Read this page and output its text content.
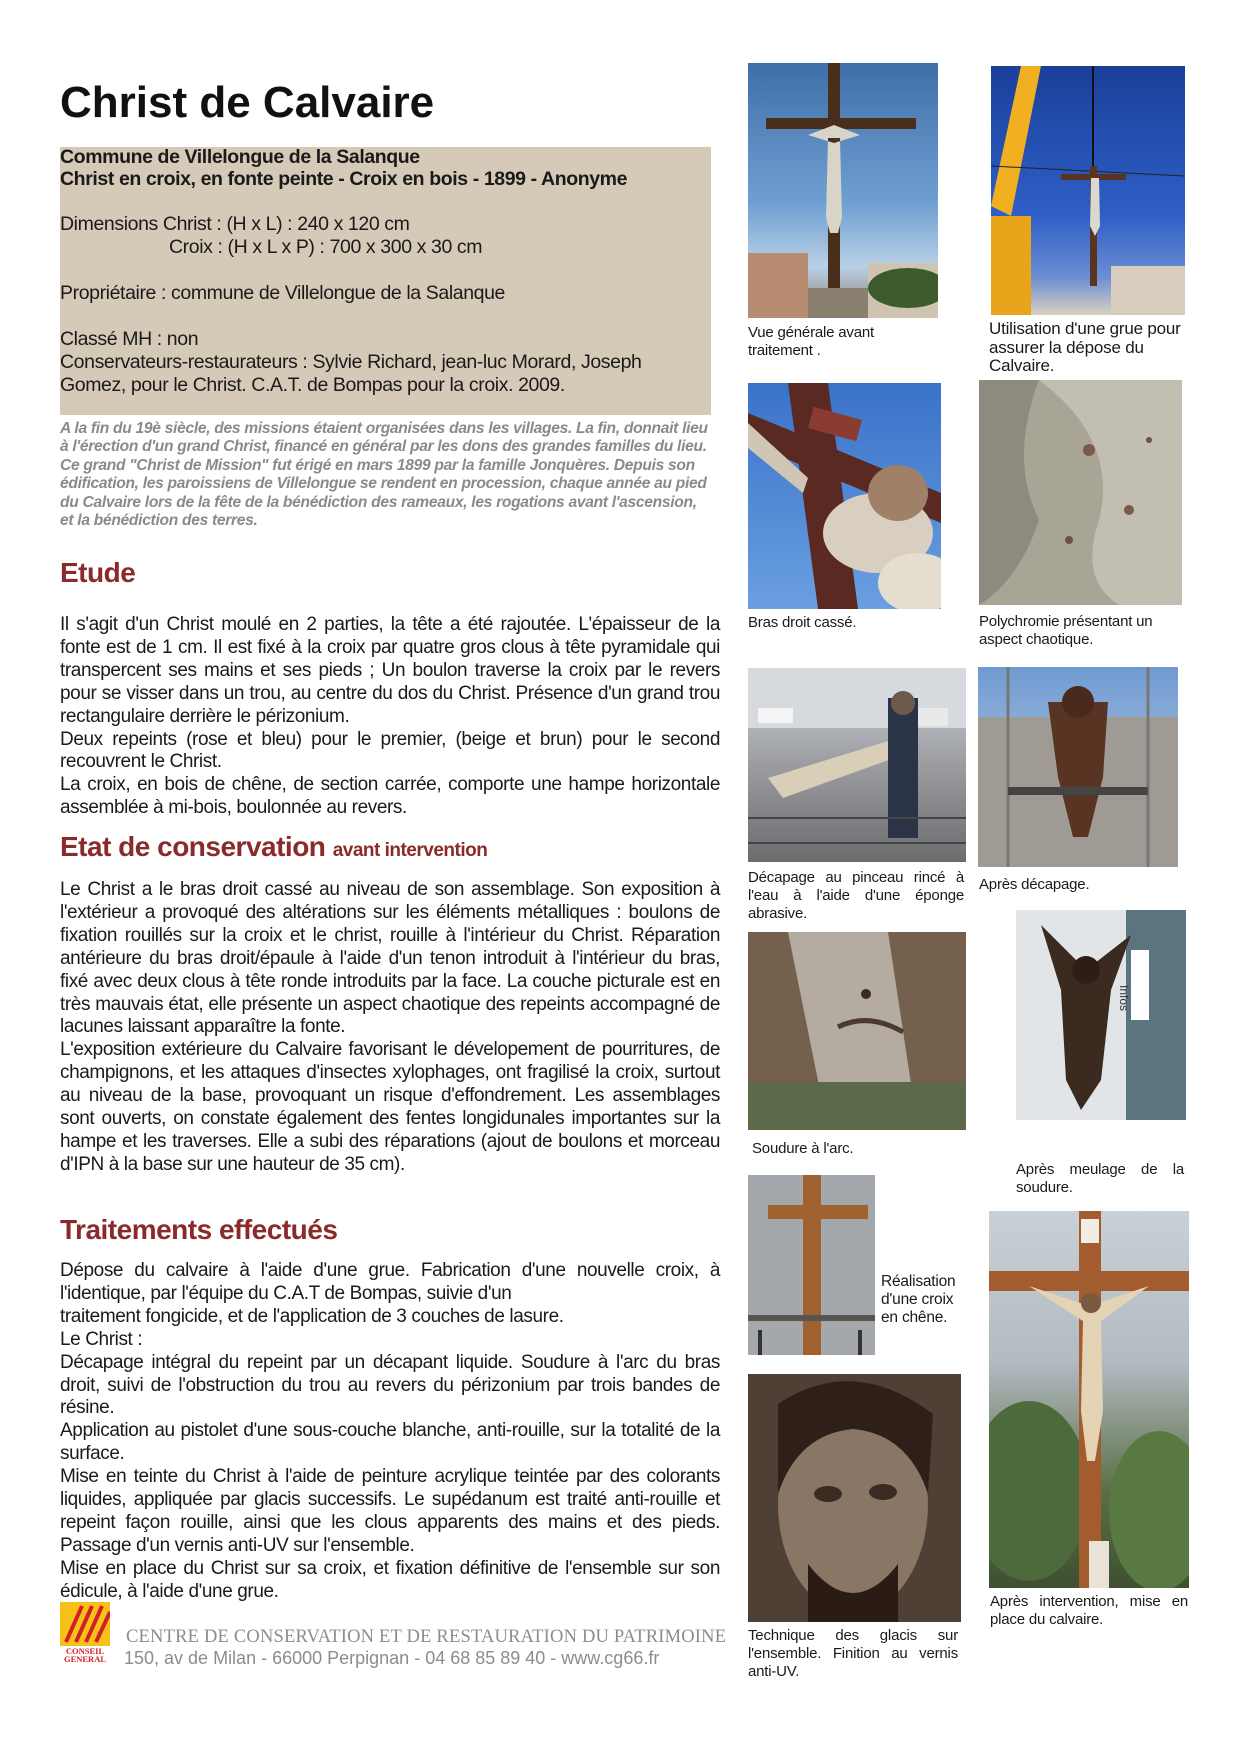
Christ de Calvaire
Commune de Villelongue de la Salanque
Christ en croix, en fonte peinte - Croix en bois - 1899 - Anonyme
Dimensions Christ : (H x L) : 240 x 120 cm
Croix : (H x L x P) : 700 x 300 x 30 cm
Propriétaire : commune de Villelongue de la Salanque
Classé MH : non
Conservateurs-restaurateurs : Sylvie Richard, jean-luc Morard, Joseph
Gomez, pour le Christ. C.A.T. de Bompas pour la croix. 2009.
A la fin du 19è siècle, des missions étaient organisées dans les villages. La fin, donnait lieu à l'érection d'un grand Christ, financé en général par les dons des grandes familles du lieu. Ce grand "Christ de Mission" fut érigé en mars 1899 par la famille Jonquères. Depuis son édification, les paroissiens de Villelongue se rendent en procession, chaque année au pied du Calvaire lors de la fête de la bénédiction des rameaux, les rogations avant l'ascension, et la bénédiction des terres.
Etude
Il s'agit d'un Christ moulé en 2 parties, la tête a été rajoutée. L'épaisseur de la fonte est de 1 cm. Il est fixé à la croix par quatre gros clous à tête pyramidale qui transpercent ses mains et ses pieds ; Un boulon traverse la croix par le revers pour se visser dans un trou, au centre du dos du Christ. Présence d'un grand trou rectangulaire derrière le périzonium.
Deux repeints (rose et bleu) pour le premier, (beige et brun) pour le second recouvrent le Christ.
La croix, en bois de chêne, de section carrée, comporte une hampe horizontale assemblée à mi-bois, boulonnée au revers.
Etat de conservation avant intervention
Le Christ a le bras droit cassé au niveau de son assemblage. Son exposition à l'extérieur a provoqué des altérations sur les éléments métalliques : boulons de fixation rouillés sur la croix et le christ, rouille à l'intérieur du Christ. Réparation antérieure du bras droit/épaule à l'aide d'un tenon introduit à l'intérieur du bras, fixé avec deux clous à tête ronde introduits par la face. La couche picturale est en très mauvais état, elle présente un aspect chaotique des repeints accompagné de lacunes laissant apparaître la fonte.
L'exposition extérieure du Calvaire favorisant le dévelopement de pourritures, de champignons, et les attaques d'insectes xylophages, ont fragilisé la croix, surtout au niveau de la base, provoquant un risque d'effondrement. Les assemblages sont ouverts, on constate également des fentes longidunales importantes sur la hampe et les traverses. Elle a subi des réparations (ajout de boulons et morceau d'IPN à la base sur une hauteur de 35 cm).
Traitements effectués
Dépose du calvaire à l'aide d'une grue. Fabrication d'une nouvelle croix, à l'identique, par l'équipe du C.A.T de Bompas, suivie d'un
traitement fongicide, et de l'application de 3 couches de lasure.
Le Christ :
Décapage intégral du repeint par un décapant liquide. Soudure à l'arc du bras droit, suivi de l'obstruction du trou au revers du périzonium par trois bandes de résine.
Application au pistolet d'une sous-couche blanche, anti-rouille, sur la totalité de la surface.
Mise en teinte du Christ à l'aide de peinture acrylique teintée par des colorants liquides, appliquée par glacis successifs. Le supédanum est traité anti-rouille et repeint façon rouille, ainsi que les clous apparents des mains et des pieds. Passage d'un vernis anti-UV sur l'ensemble.
Mise en place du Christ sur sa croix, et fixation définitive de l'ensemble sur son édicule, à l'aide d'une grue.
Vue générale avant traitement .
Utilisation d'une grue pour assurer la dépose du Calvaire.
Bras droit cassé.	Polychromie présentant un aspect chaotique.
Décapage au pinceau rincé à l'eau à l'aide d'une éponge abrasive.
Après décapage.
Soudure à l'arc.
Infos
Après meulage de la soudure.
Réalisation d'une croix en chêne.
Technique des glacis sur l'ensemble. Finition au vernis anti-UV.
Après intervention, mise en place du calvaire.
CONSEIL
GENERAL
CENTRE DE CONSERVATION ET DE RESTAURATION DU PATRIMOINE
150, av de Milan - 66000 Perpignan - 04 68 85 89 40 - www.cg66.fr
